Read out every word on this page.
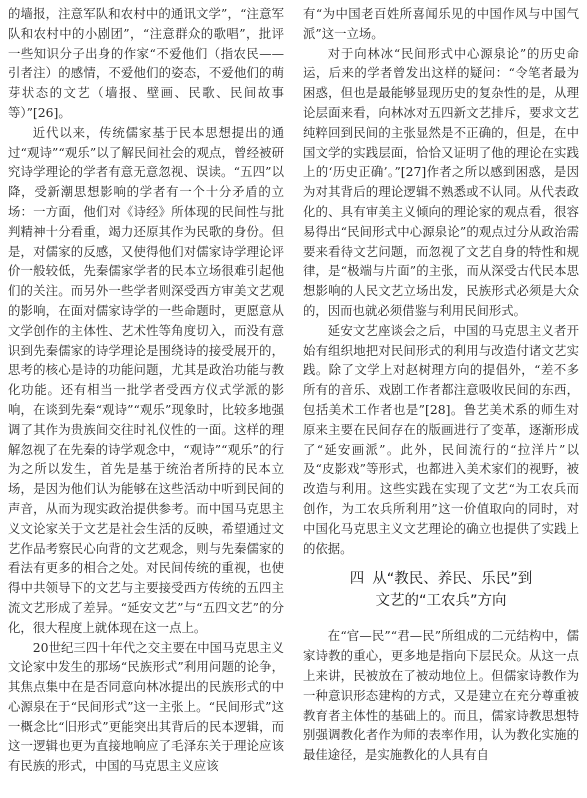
的墙报，注意军队和农村中的通讯文学”，“注意军队和农村中的小剧团”，“注意群众的歌唱”，批评一些知识分子出身的作家“不爱他们（指农民——引者注）的感情，不爱他们的姿态，不爱他们的萌芽状态的文艺（墙报、壁画、民歌、民间故事等）”[26]。

近代以来，传统儒家基于民本思想提出的通过“观诗”“观乐”以了解民间社会的观点，曾经被研究诗学理论的学者有意无意忽视、误读。“五四”以降，受新潮思想影响的学者有一个十分矛盾的立场：一方面，他们对《诗经》所体现的民间性与批判精神十分看重，竭力还原其作为民歌的身份。但是，对儒家的反感，又使得他们对儒家诗学理论评价一般较低，先秦儒家学者的民本立场很难引起他们的关注。而另外一些学者则深受西方审美文艺观的影响，在面对儒家诗学的一些命题时，更愿意从文学创作的主体性、艺术性等角度切入，而没有意识到先秦儒家的诗学理论是围绕诗的接受展开的，思考的核心是诗的功能问题，尤其是政治功能与教化功能。还有相当一批学者受西方仪式学派的影响，在谈到先秦“观诗”“观乐”现象时，比较多地强调了其作为贵族间交往时礼仪性的一面。这样的理解忽视了在先秦的诗学观念中，“观诗”“观乐”的行为之所以发生，首先是基于统治者所持的民本立场，是因为他们认为能够在这些活动中听到民间的声音，从而为现实政治提供参考。而中国马克思主义文论家关于文艺是社会生活的反映，希望通过文艺作品考察民心向背的文艺观念，则与先秦儒家的看法有更多的相合之处。对民间传统的重视，也使得中共领导下的文艺与主要接受西方传统的五四主流文艺形成了差异。“延安文艺”与“五四文艺”的分化，很大程度上就体现在这一点上。

20世纪三四十年代之交主要在中国马克思主义文论家中发生的那场“民族形式”利用问题的论争，其焦点集中在是否同意向林冰提出的民族形式的中心源泉在于“民间形式”这一主张上。“民间形式”这一概念比“旧形式”更能突出其背后的民本逻辑，而这一逻辑也更为直接地响应了毛泽东关于理论应该有民族的形式，中国的马克思主义应该

有“为中国老百姓所喜闻乐见的中国作风与中国气派”这一立场。

对于向林冰“民间形式中心源泉论”的历史命运，后来的学者曾发出这样的疑问：“令笔者最为困惑，但也是最能够显现历史的复杂性的是，从理论层面来看，向林冰对五四新文艺排斥，要求文艺纯粹回到民间的主张显然是不正确的，但是，在中国文学的实践层面，恰恰又证明了他的理论在实践上的‘历史正确’。”[27]作者之所以感到困惑，是因为对其背后的理论逻辑不熟悉或不认同。从代表政化的、具有审美主义倾向的理论家的观点看，很容易得出“民间形式中心源泉论”的观点过分从政治需要来看待文艺问题，而忽视了文艺自身的特性和规律，是“极端与片面”的主张，而从深受古代民本思想影响的人民文艺立场出发，民族形式必须是大众的，因而也就必须借鉴与利用民间形式。

延安文艺座谈会之后，中国的马克思主义者开始有组织地把对民间形式的利用与改造付诸文艺实践。除了文学上对赵树理方向的提倡外，“差不多所有的音乐、戏剧工作者都注意吸收民间的东西，包括美术工作者也是”[28]。鲁艺美术系的师生对原来主要在民间存在的版画进行了变革，逐渐形成了“延安画派”。此外，民间流行的“拉洋片”以及“皮影戏”等形式，也都进入美术家们的视野，被改造与利用。这些实践在实现了文艺“为工农兵而创作，为工农兵所利用”这一价值取向的同时，对中国化马克思主义文艺理论的确立也提供了实践上的依据。

四 从“教民、养民、乐民”到
文艺的“工农兵”方向

在“官—民”“君—民”所组成的二元结构中，儒家诗教的重心，更多地是指向下层民众。从这一点上来讲，民被放在了被动地位上。但儒家诗教作为一种意识形态建构的方式，又是建立在充分尊重被教育者主体性的基础上的。而且，儒家诗教思想特别强调教化者作为师的表率作用，认为教化实施的最佳途径，是实施教化的人具有自
